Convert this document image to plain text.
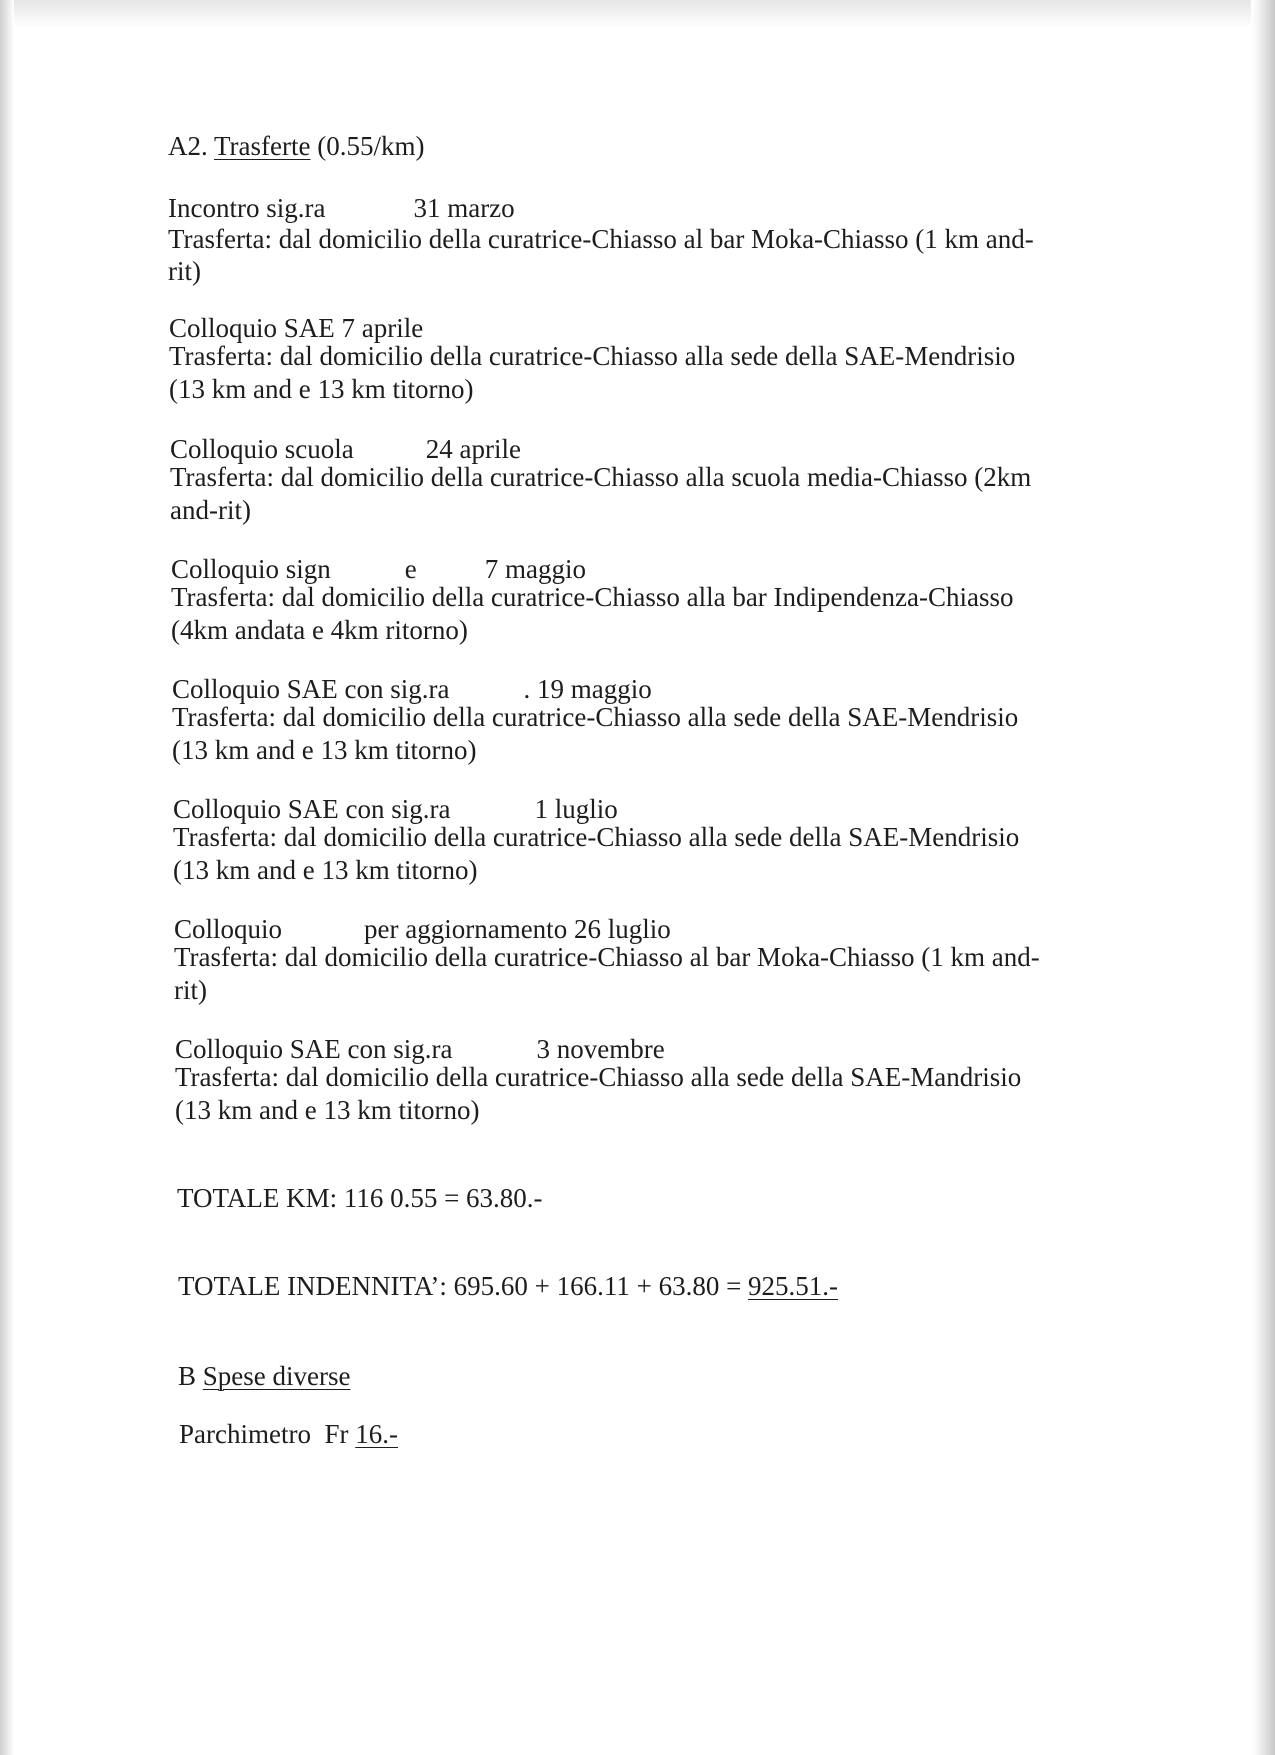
A2. Trasferte (0.55/km)
Incontro sig.ra	31 marzo
Trasferta: dal domicilio della curatrice-Chiasso al bar Moka-Chiasso (1 km and-
rit)
Colloquio SAE 7 aprile
Trasferta: dal domicilio della curatrice-Chiasso alla sede della SAE-Mendrisio
(13 km and e 13 km titorno)
Colloquio scuola	24 aprile
Trasferta: dal domicilio della curatrice-Chiasso alla scuola media-Chiasso (2km
and-rit)
Colloquio sign	e	7 maggio
Trasferta: dal domicilio della curatrice-Chiasso alla bar Indipendenza-Chiasso
(4km andata e 4km ritorno)
Colloquio SAE con sig.ra	. 19 maggio
Trasferta: dal domicilio della curatrice-Chiasso alla sede della SAE-Mendrisio
(13 km and e 13 km titorno)
Colloquio SAE con sig.ra	1 luglio
Trasferta: dal domicilio della curatrice-Chiasso alla sede della SAE-Mendrisio
(13 km and e 13 km titorno)
Colloquio	per aggiornamento 26 luglio
Trasferta: dal domicilio della curatrice-Chiasso al bar Moka-Chiasso (1 km and-
rit)
Colloquio SAE con sig.ra	3 novembre
Trasferta: dal domicilio della curatrice-Chiasso alla sede della SAE-Mandrisio
(13 km and e 13 km titorno)
TOTALE KM: 116 0.55 = 63.80.-
TOTALE INDENNITA’: 695.60 + 166.11 + 63.80 = 925.51.-
B Spese diverse
Parchimetro  Fr 16.-
